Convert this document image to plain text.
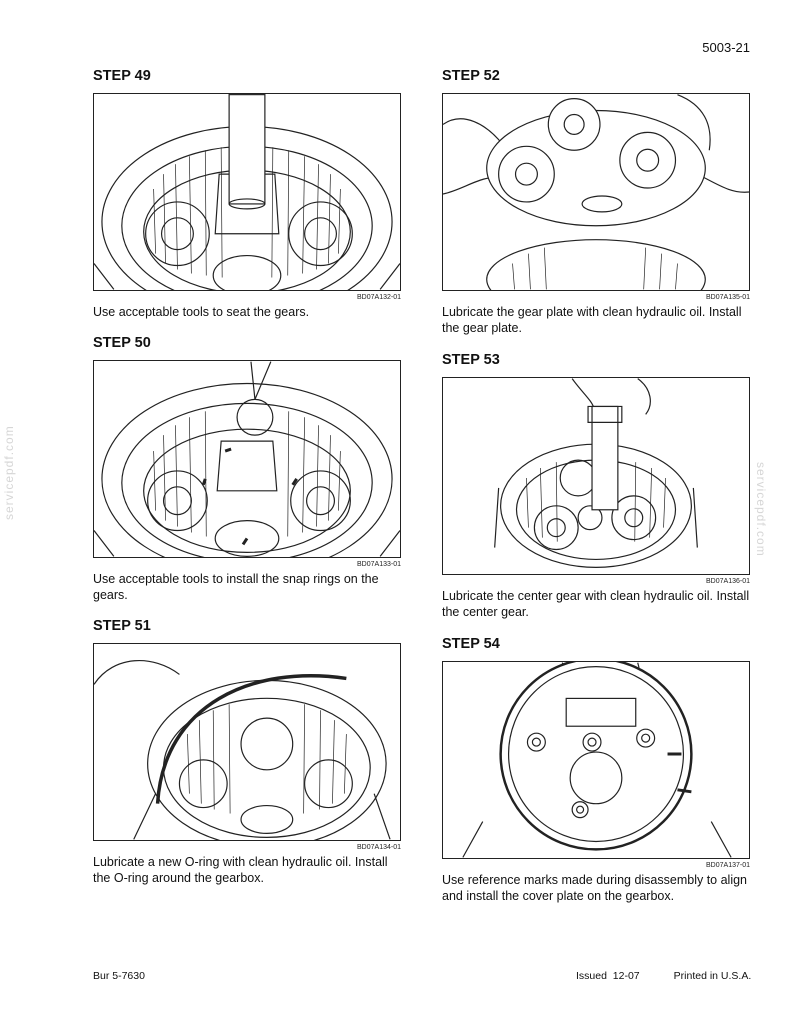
5003-21
servicepdf.com	servicepdf.com
STEP 49
BD07A132-01
Use acceptable tools to seat the gears.
STEP 50
BD07A133-01
Use acceptable tools to install the snap rings on the gears.
STEP 51
BD07A134-01
Lubricate a new O-ring with clean hydraulic oil. Install the O-ring around the gearbox.
STEP 52
BD07A135-01
Lubricate the gear plate with clean hydraulic oil. Install the gear plate.
STEP 53
BD07A136-01
Lubricate the center gear with clean hydraulic oil. Install the center gear.
STEP 54
BD07A137-01
Use reference marks made during disassembly to align and install the cover plate on the gearbox.
Bur 5-7630	Issued  12-07	Printed in U.S.A.
